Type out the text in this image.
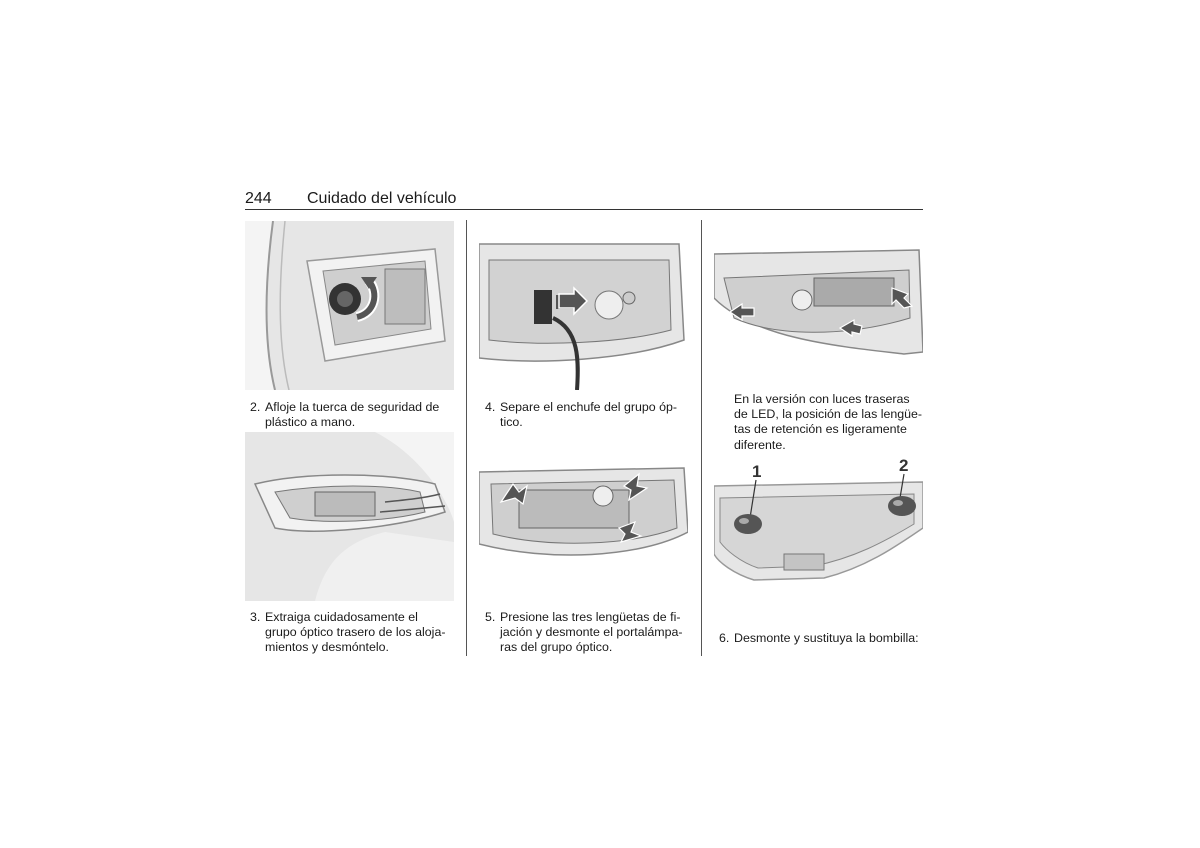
244 Cuidado del vehículo
2. Afloje la tuerca de seguridad de
plástico a mano.
3. Extraiga cuidadosamente el
grupo óptico trasero de los aloja-
mientos y desmóntelo.
4. Separe el enchufe del grupo óp-
tico.
5. Presione las tres lengüetas de fi-
jación y desmonte el portalámpa-
ras del grupo óptico.
En la versión con luces traseras
de LED, la posición de las lengüe-
tas de retención es ligeramente
diferente.
1	2
6. Desmonte y sustituya la bombilla:
